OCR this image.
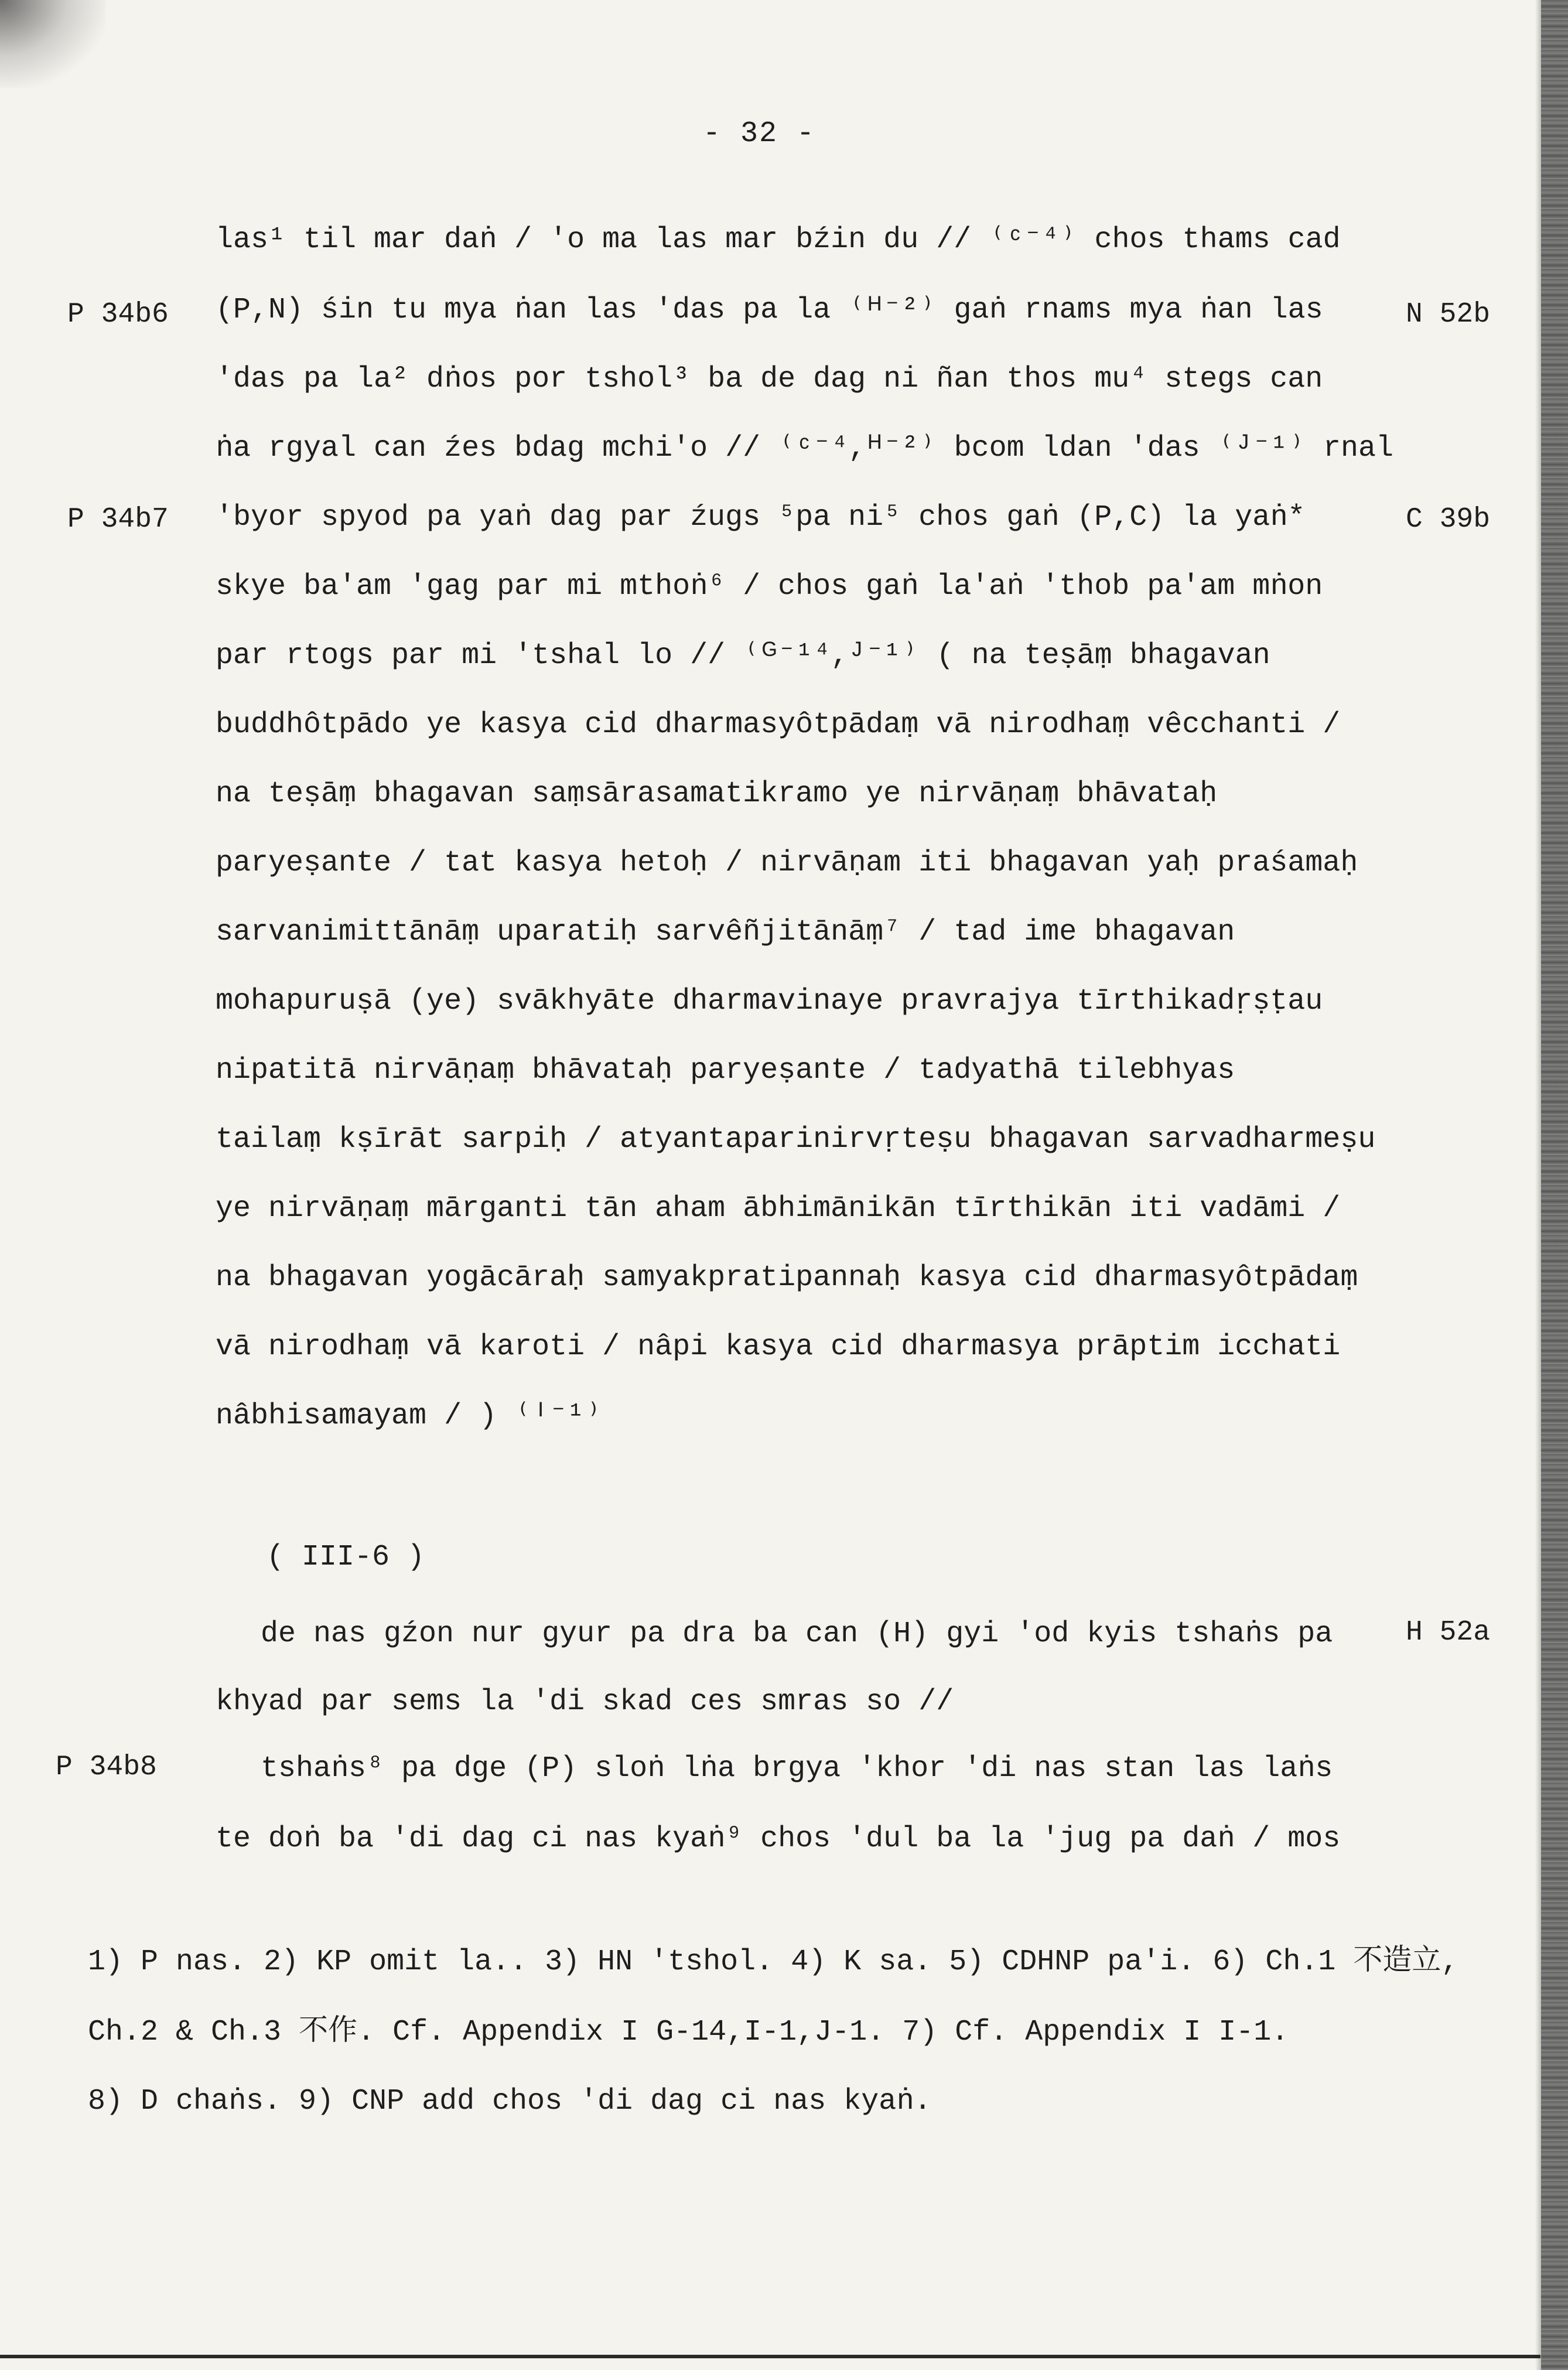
- 32 -
P 34b6
P 34b7
P 34b8
N 52b
C 39b
H 52a
las¹ til mar daṅ / 'o ma las mar bźin du // ⁽ᶜ⁻⁴⁾ chos thams cad
(P,N) śin tu mya ṅan las 'das pa la ⁽ᴴ⁻²⁾ gaṅ rnams mya ṅan las
'das pa la² dṅos por tshol³ ba de dag ni ñan thos mu⁴ stegs can
ṅa rgyal can źes bdag mchi'o // ⁽ᶜ⁻⁴,ᴴ⁻²⁾ bcom ldan 'das ⁽ᴶ⁻¹⁾ rnal
'byor spyod pa yaṅ dag par źugs ⁵pa ni⁵ chos gaṅ (P,C) la yaṅ*
skye ba'am 'gag par mi mthoṅ⁶ / chos gaṅ la'aṅ 'thob pa'am mṅon
par rtogs par mi 'tshal lo // ⁽ᴳ⁻¹⁴,ᴶ⁻¹⁾ ( na teṣāṃ bhagavan
buddhôtpādo ye kasya cid dharmasyôtpādaṃ vā nirodhaṃ vêcchanti /
na teṣāṃ bhagavan saṃsārasamatikramo ye nirvāṇaṃ bhāvataḥ
paryeṣante / tat kasya hetoḥ / nirvāṇam iti bhagavan yaḥ praśamaḥ
sarvanimittānāṃ uparatiḥ sarvêñjitānāṃ⁷ / tad ime bhagavan
mohapuruṣā (ye) svākhyāte dharmavinaye pravrajya tīrthikadṛṣṭau
nipatitā nirvāṇaṃ bhāvataḥ paryeṣante / tadyathā tilebhyas
tailaṃ kṣīrāt sarpiḥ / atyantaparinirvṛteṣu bhagavan sarvadharmeṣu
ye nirvāṇaṃ mārganti tān aham ābhimānikān tīrthikān iti vadāmi /
na bhagavan yogācāraḥ samyakpratipannaḥ kasya cid dharmasyôtpādaṃ
vā nirodhaṃ vā karoti / nâpi kasya cid dharmasya prāptim icchati
nâbhisamayam / ) ⁽ᴵ⁻¹⁾
( III-6 )
de nas gźon nur gyur pa dra ba can (H) gyi 'od kyis tshaṅs pa
khyad par sems la 'di skad ces smras so //
tshaṅs⁸ pa dge (P) sloṅ lṅa brgya 'khor 'di nas stan las laṅs
te doṅ ba 'di dag ci nas kyaṅ⁹ chos 'dul ba la 'jug pa daṅ / mos
1) P nas. 2) KP omit la.. 3) HN 'tshol. 4) K sa. 5) CDHNP pa'i. 6) Ch.1 不造立,
Ch.2 & Ch.3 不作. Cf. Appendix I G-14,I-1,J-1. 7) Cf. Appendix I I-1.
8) D chaṅs. 9) CNP add chos 'di dag ci nas kyaṅ.
